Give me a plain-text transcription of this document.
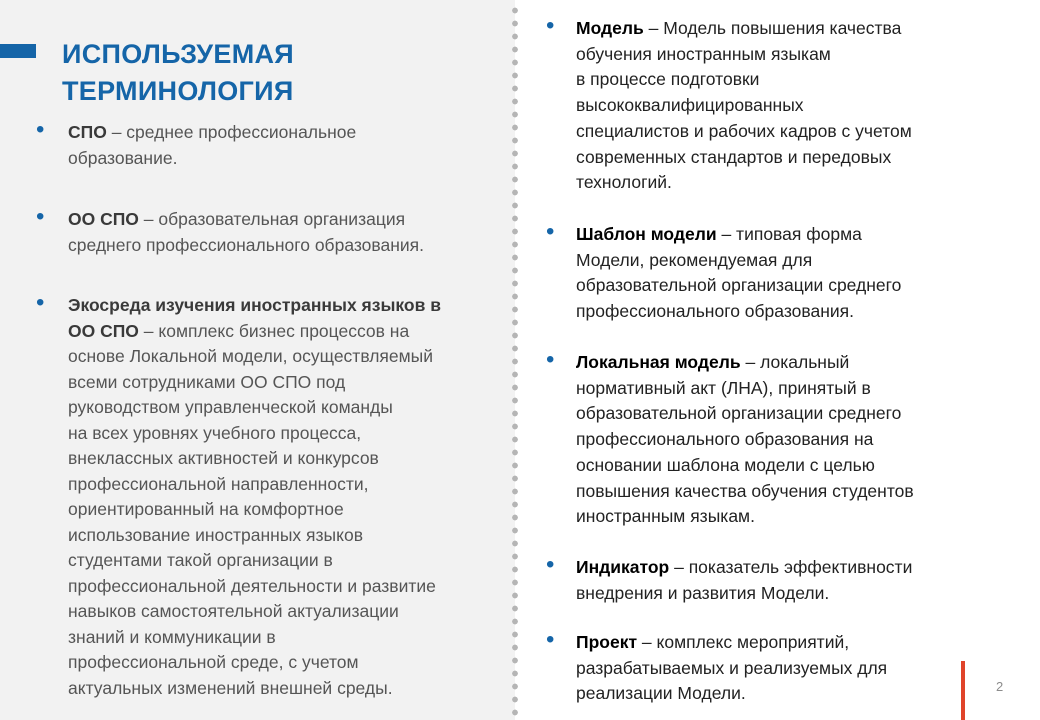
ИСПОЛЬЗУЕМАЯ
ТЕРМИНОЛОГИЯ
• СПО – среднее профессиональное
образование.
• ОО СПО – образовательная организация
среднего профессионального образования.
• Экосреда изучения иностранных языков в
ОО СПО – комплекс бизнес процессов на
основе Локальной модели, осуществляемый
всеми сотрудниками ОО СПО под
руководством управленческой команды
на всех уровнях учебного процесса,
внеклассных активностей и конкурсов
профессиональной направленности,
ориентированный на комфортное
использование иностранных языков
студентами такой организации в
профессиональной деятельности и развитие
навыков самостоятельной актуализации
знаний и коммуникации в
профессиональной среде, с учетом
актуальных изменений внешней среды.
• Модель – Модель повышения качества
обучения иностранным языкам
в процессе подготовки
высококвалифицированных
специалистов и рабочих кадров с учетом
современных стандартов и передовых
технологий.
• Шаблон модели – типовая форма
Модели, рекомендуемая для
образовательной организации среднего
профессионального образования.
• Локальная модель – локальный
нормативный акт (ЛНА), принятый в
образовательной организации среднего
профессионального образования на
основании шаблона модели с целью
повышения качества обучения студентов
иностранным языкам.
• Индикатор – показатель эффективности
внедрения и развития Модели.
• Проект – комплекс мероприятий,
разрабатываемых и реализуемых для
реализации Модели.	2
